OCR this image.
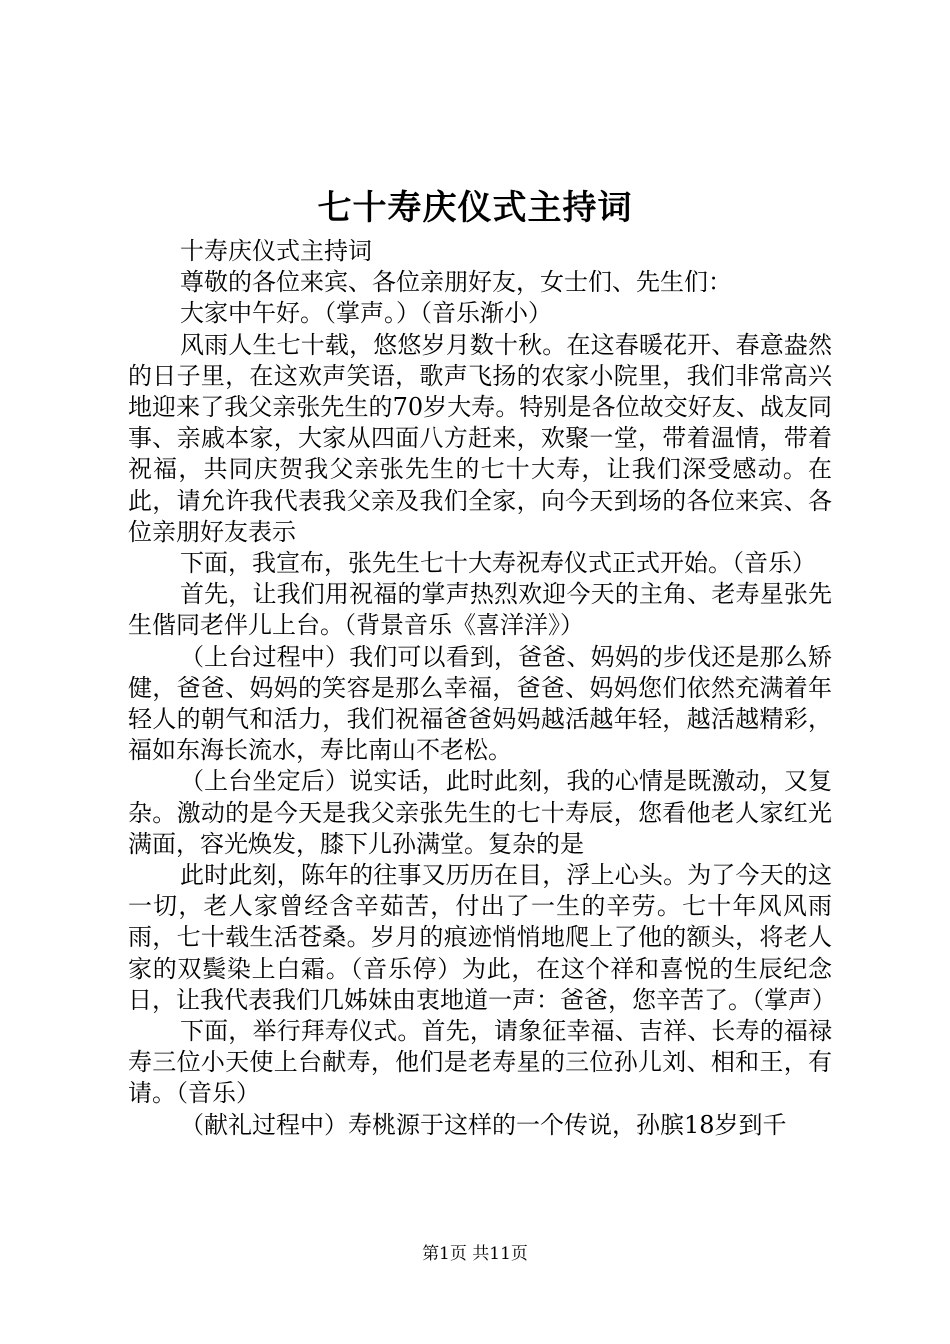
七十寿庆仪式主持词

十寿庆仪式主持词

尊敬的各位来宾、各位亲朋好友，女士们、先生们：

大家中午好。（掌声。）（音乐渐小）

风雨人生七十载，悠悠岁月数十秋。在这春暖花开、春意盎然的日子里，在这欢声笑语，歌声飞扬的农家小院里，我们非常高兴地迎来了我父亲张先生的70岁大寿。特别是各位故交好友、战友同事、亲戚本家，大家从四面八方赶来，欢聚一堂，带着温情，带着祝福，共同庆贺我父亲张先生的七十大寿，让我们深受感动。在此，请允许我代表我父亲及我们全家，向今天到场的各位来宾、各位亲朋好友表示

下面，我宣布，张先生七十大寿祝寿仪式正式开始。（音乐）

首先，让我们用祝福的掌声热烈欢迎今天的主角、老寿星张先生偕同老伴儿上台。（背景音乐《喜洋洋》）

（上台过程中）我们可以看到，爸爸、妈妈的步伐还是那么矫健，爸爸、妈妈的笑容是那么幸福，爸爸、妈妈您们依然充满着年轻人的朝气和活力，我们祝福爸爸妈妈越活越年轻，越活越精彩，福如东海长流水，寿比南山不老松。

（上台坐定后）说实话，此时此刻，我的心情是既激动，又复杂。激动的是今天是我父亲张先生的七十寿辰，您看他老人家红光满面，容光焕发，膝下儿孙满堂。复杂的是

此时此刻，陈年的往事又历历在目，浮上心头。为了今天的这一切，老人家曾经含辛茹苦，付出了一生的辛劳。七十年风风雨雨，七十载生活苍桑。岁月的痕迹悄悄地爬上了他的额头，将老人家的双鬓染上白霜。（音乐停）为此，在这个祥和喜悦的生辰纪念日，让我代表我们几姊妹由衷地道一声：爸爸，您辛苦了。（掌声）

下面，举行拜寿仪式。首先，请象征幸福、吉祥、长寿的福禄寿三位小天使上台献寿，他们是老寿星的三位孙儿刘、相和王，有请。（音乐）

（献礼过程中）寿桃源于这样的一个传说，孙膑18岁到千

第1页 共11页
